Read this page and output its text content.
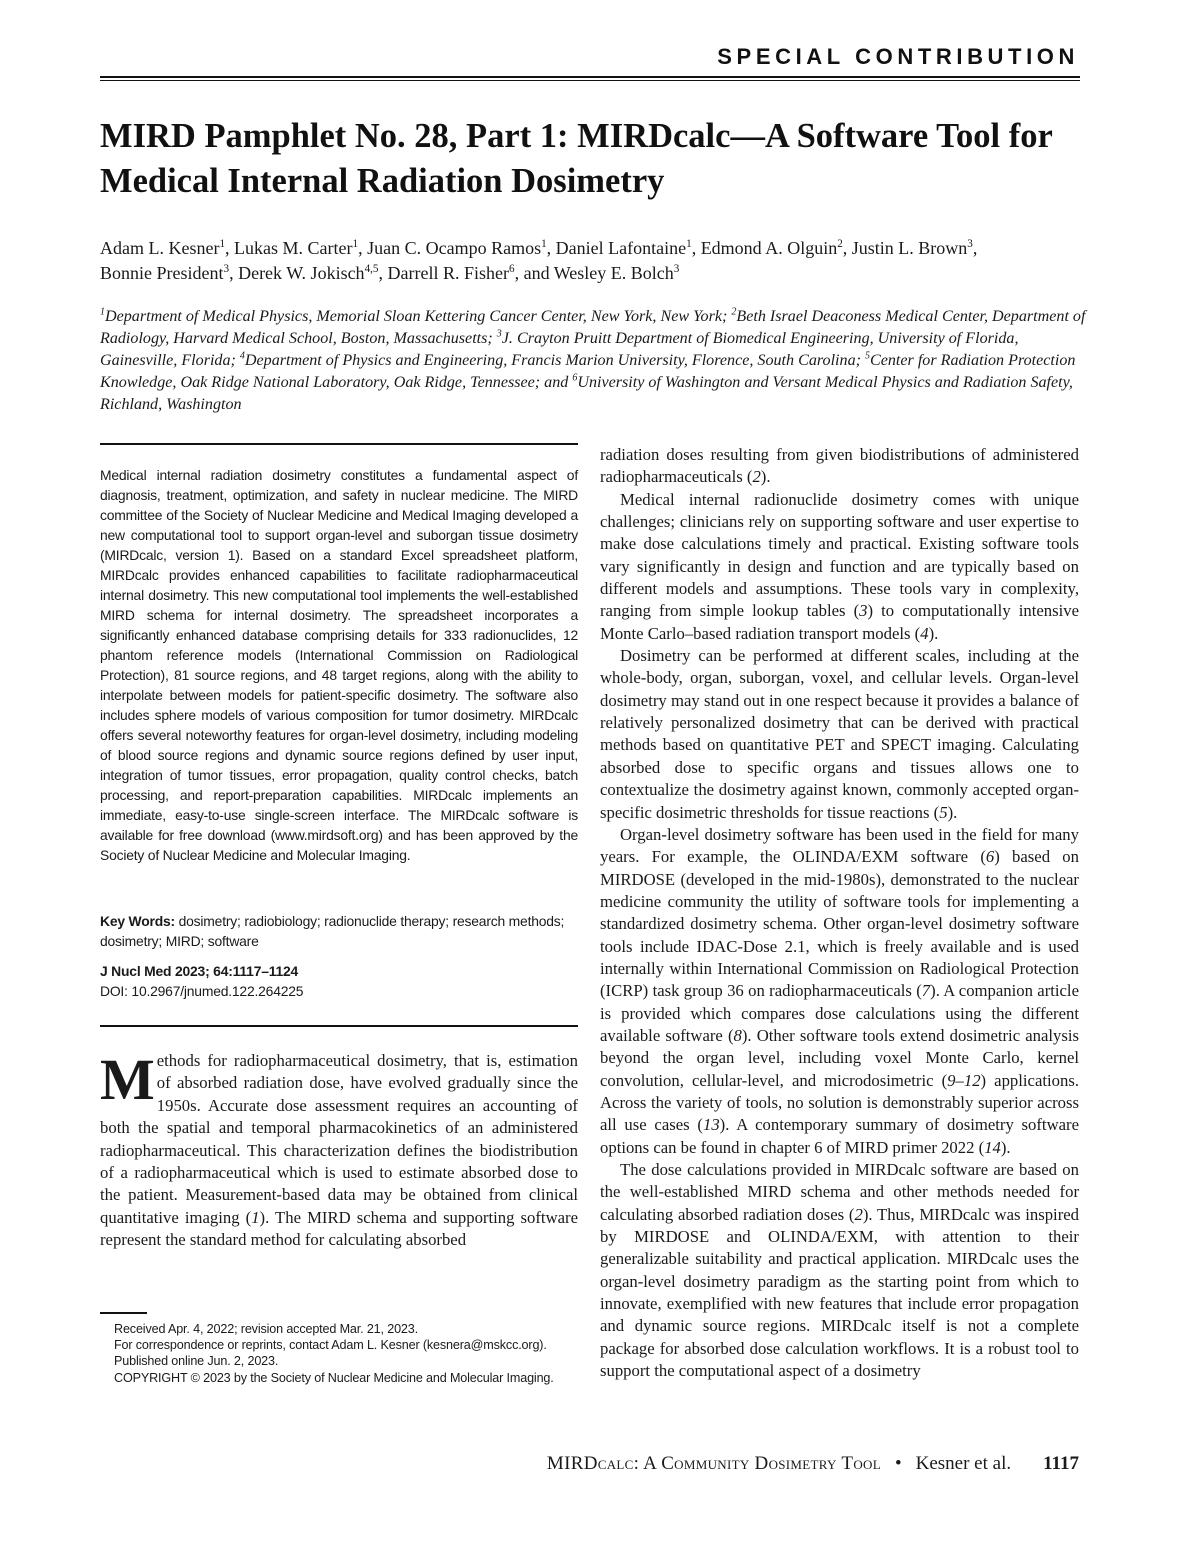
SPECIAL CONTRIBUTION
MIRD Pamphlet No. 28, Part 1: MIRDcalc—A Software Tool for Medical Internal Radiation Dosimetry

Adam L. Kesner$^1$, Lukas M. Carter$^1$, Juan C. Ocampo Ramos$^1$, Daniel Lafontaine$^1$, Edmond A. Olguin$^2$, Justin L. Brown$^3$,
Bonnie President$^3$, Derek W. Jokisch$^{4,5}$, Darrell R. Fisher$^6$, and Wesley E. Bolch$^3$

$^1$Department of Medical Physics, Memorial Sloan Kettering Cancer Center, New York, New York; $^2$Beth Israel Deaconess Medical Center, Department of Radiology, Harvard Medical School, Boston, Massachusetts; $^3$J. Crayton Pruitt Department of Biomedical Engineering, University of Florida, Gainesville, Florida; $^4$Department of Physics and Engineering, Francis Marion University, Florence, South Carolina; $^5$Center for Radiation Protection Knowledge, Oak Ridge National Laboratory, Oak Ridge, Tennessee; and $^6$University of Washington and Versant Medical Physics and Radiation Safety, Richland, Washington

Medical internal radiation dosimetry constitutes a fundamental aspect of diagnosis, treatment, optimization, and safety in nuclear medicine. The MIRD committee of the Society of Nuclear Medicine and Medical Imaging developed a new computational tool to support organ-level and suborgan tissue dosimetry (MIRDcalc, version 1). Based on a standard Excel spreadsheet platform, MIRDcalc provides enhanced capabilities to facilitate radiopharmaceutical internal dosimetry. This new computational tool implements the well-established MIRD schema for internal dosimetry. The spreadsheet incorporates a significantly enhanced database comprising details for 333 radionuclides, 12 phantom reference models (International Commission on Radiological Protection), 81 source regions, and 48 target regions, along with the ability to interpolate between models for patient-specific dosimetry. The software also includes sphere models of various composition for tumor dosimetry. MIRDcalc offers several noteworthy features for organ-level dosimetry, including modeling of blood source regions and dynamic source regions defined by user input, integration of tumor tissues, error propagation, quality control checks, batch processing, and report-preparation capabilities. MIRDcalc implements an immediate, easy-to-use single-screen interface. The MIRDcalc software is available for free download (www.mirdsoft.org) and has been approved by the Society of Nuclear Medicine and Molecular Imaging.

Key Words: dosimetry; radiobiology; radionuclide therapy; research methods; dosimetry; MIRD; software

J Nucl Med 2023; 64:1117–1124
DOI: 10.2967/jnumed.122.264225

Methods for radiopharmaceutical dosimetry, that is, estimation of absorbed radiation dose, have evolved gradually since the 1950s. Accurate dose assessment requires an accounting of both the spatial and temporal pharmacokinetics of an administered radiopharmaceutical. This characterization defines the biodistribution of a radiopharmaceutical which is used to estimate absorbed dose to the patient. Measurement-based data may be obtained from clinical quantitative imaging (1). The MIRD schema and supporting software represent the standard method for calculating absorbed

Received Apr. 4, 2022; revision accepted Mar. 21, 2023.

For correspondence or reprints, contact Adam L. Kesner (kesnera@mskcc.org).

Published online Jun. 2, 2023.

COPYRIGHT © 2023 by the Society of Nuclear Medicine and Molecular Imaging.

radiation doses resulting from given biodistributions of administered radiopharmaceuticals (2).

Medical internal radionuclide dosimetry comes with unique challenges; clinicians rely on supporting software and user expertise to make dose calculations timely and practical. Existing software tools vary significantly in design and function and are typically based on different models and assumptions. These tools vary in complexity, ranging from simple lookup tables (3) to computationally intensive Monte Carlo–based radiation transport models (4).

Dosimetry can be performed at different scales, including at the whole-body, organ, suborgan, voxel, and cellular levels. Organ-level dosimetry may stand out in one respect because it provides a balance of relatively personalized dosimetry that can be derived with practical methods based on quantitative PET and SPECT imaging. Calculating absorbed dose to specific organs and tissues allows one to contextualize the dosimetry against known, commonly accepted organ-specific dosimetric thresholds for tissue reactions (5).

Organ-level dosimetry software has been used in the field for many years. For example, the OLINDA/EXM software (6) based on MIRDOSE (developed in the mid-1980s), demonstrated to the nuclear medicine community the utility of software tools for implementing a standardized dosimetry schema. Other organ-level dosimetry software tools include IDAC-Dose 2.1, which is freely available and is used internally within International Commission on Radiological Protection (ICRP) task group 36 on radiopharmaceuticals (7). A companion article is provided which compares dose calculations using the different available software (8). Other software tools extend dosimetric analysis beyond the organ level, including voxel Monte Carlo, kernel convolution, cellular-level, and microdosimetric (9–12) applications. Across the variety of tools, no solution is demonstrably superior across all use cases (13). A contemporary summary of dosimetry software options can be found in chapter 6 of MIRD primer 2022 (14).

The dose calculations provided in MIRDcalc software are based on the well-established MIRD schema and other methods needed for calculating absorbed radiation doses (2). Thus, MIRDcalc was inspired by MIRDOSE and OLINDA/EXM, with attention to their generalizable suitability and practical application. MIRDcalc uses the organ-level dosimetry paradigm as the starting point from which to innovate, exemplified with new features that include error propagation and dynamic source regions. MIRDcalc itself is not a complete package for absorbed dose calculation workflows. It is a robust tool to support the computational aspect of a dosimetry

MIRDcalc: A Community Dosimetry Tool • Kesner et al. 1117
